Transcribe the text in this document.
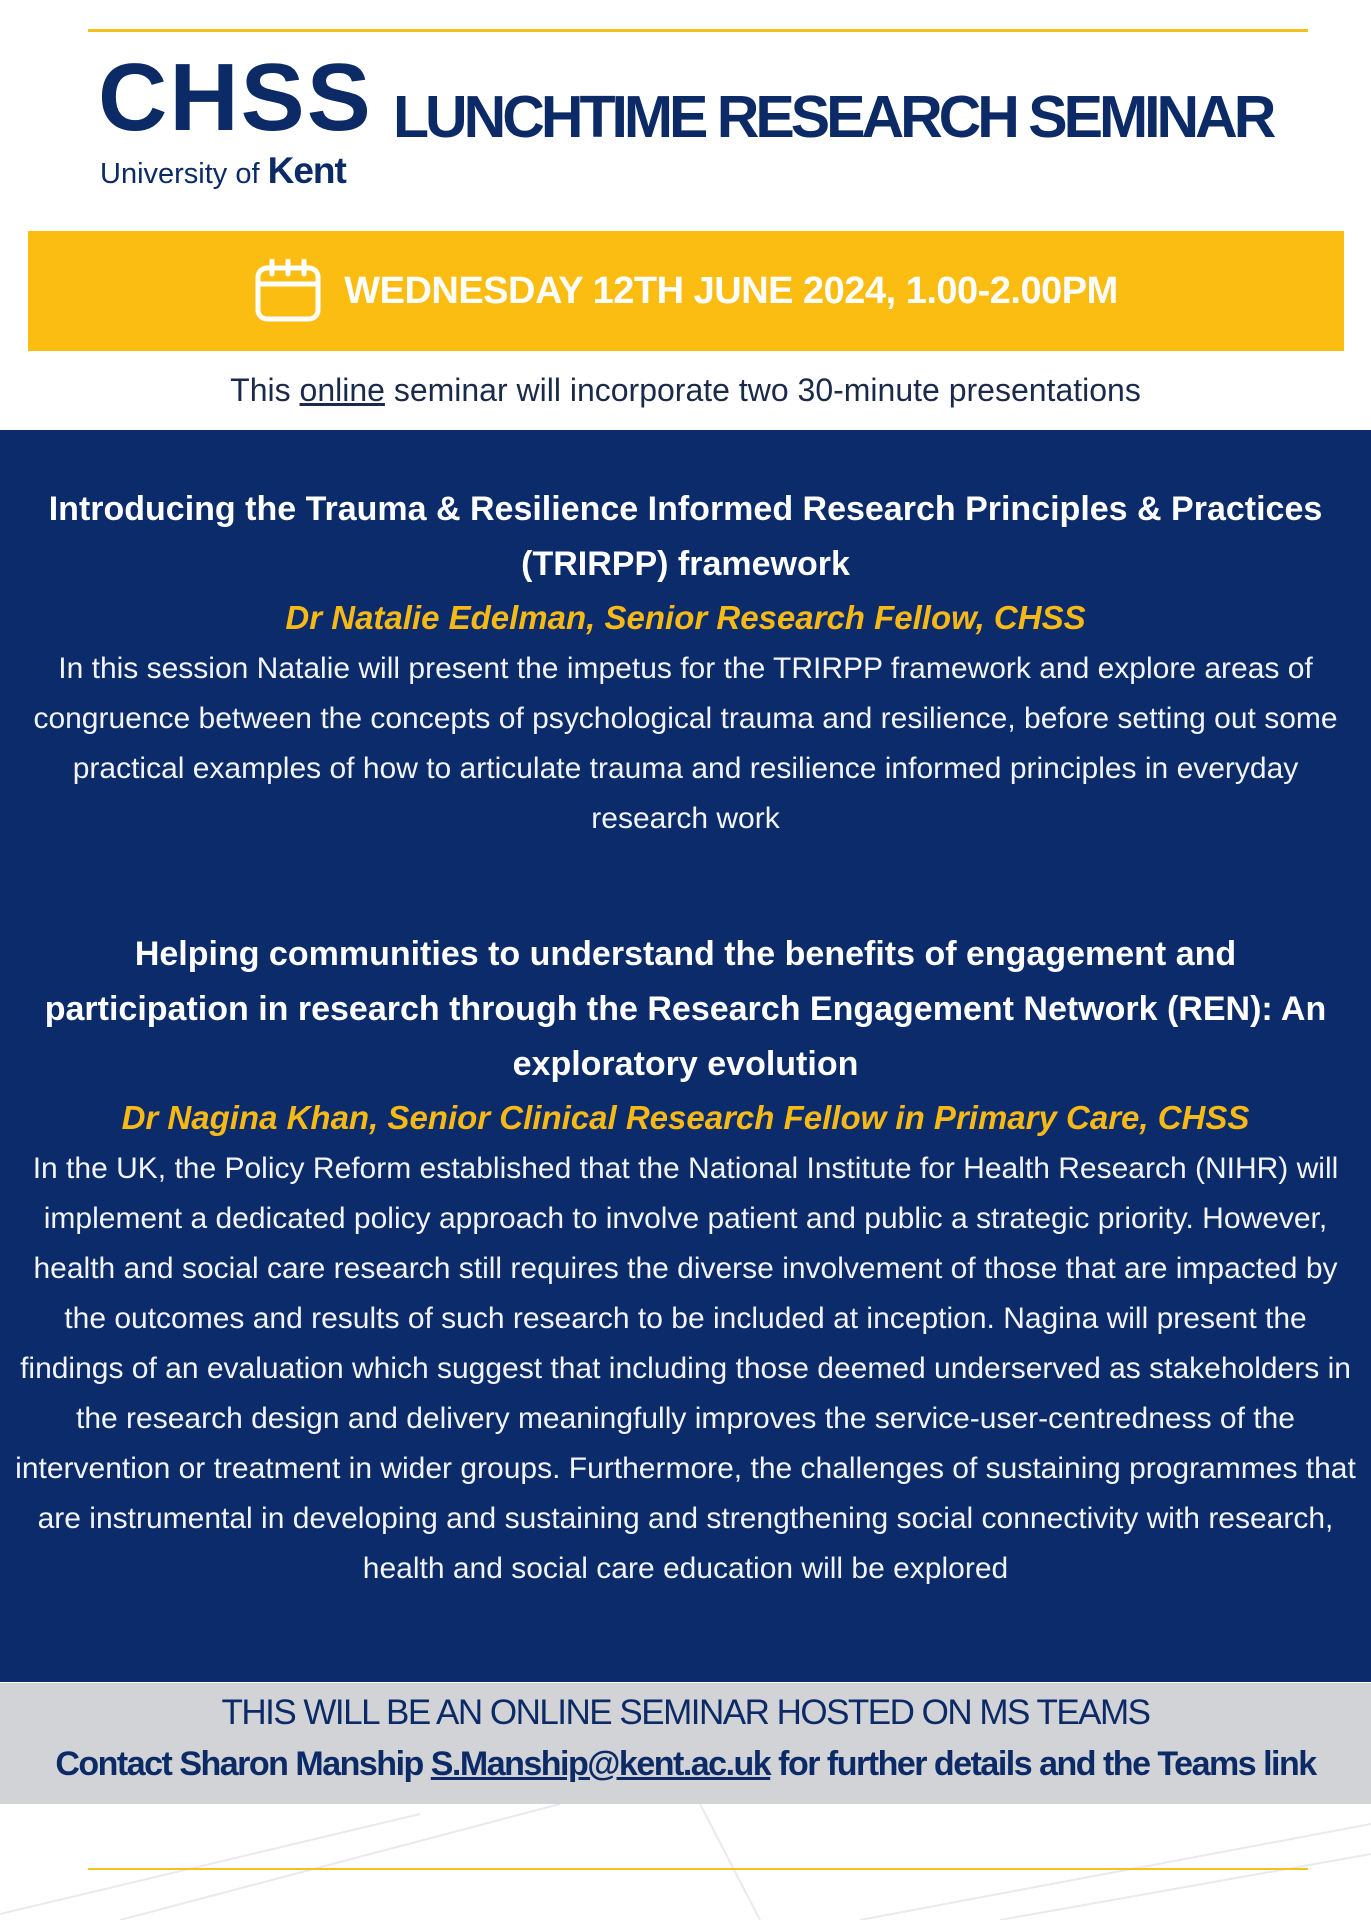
CHSS
University of Kent
LUNCHTIME RESEARCH SEMINAR
WEDNESDAY 12TH JUNE 2024, 1.00-2.00PM
This online seminar will incorporate two 30-minute presentations
Introducing the Trauma & Resilience Informed Research Principles & Practices (TRIRPP) framework
Dr Natalie Edelman, Senior Research Fellow, CHSS
In this session Natalie will present the impetus for the TRIRPP framework and explore areas of congruence between the concepts of psychological trauma and resilience, before setting out some practical examples of how to articulate trauma and resilience informed principles in everyday research work
Helping communities to understand the benefits of engagement and participation in research through the Research Engagement Network (REN): An exploratory evolution
Dr Nagina Khan, Senior Clinical Research Fellow in Primary Care, CHSS
In the UK, the Policy Reform established that the National Institute for Health Research (NIHR) will implement a dedicated policy approach to involve patient and public a strategic priority. However, health and social care research still requires the diverse involvement of those that are impacted by the outcomes and results of such research to be included at inception. Nagina will present the findings of an evaluation which suggest that including those deemed underserved as stakeholders in the research design and delivery meaningfully improves the service-user-centredness of the intervention or treatment in wider groups. Furthermore, the challenges of sustaining programmes that are instrumental in developing and sustaining and strengthening social connectivity with research, health and social care education will be explored
THIS WILL BE AN ONLINE SEMINAR HOSTED ON MS TEAMS
Contact Sharon Manship S.Manship@kent.ac.uk for further details and the Teams link
